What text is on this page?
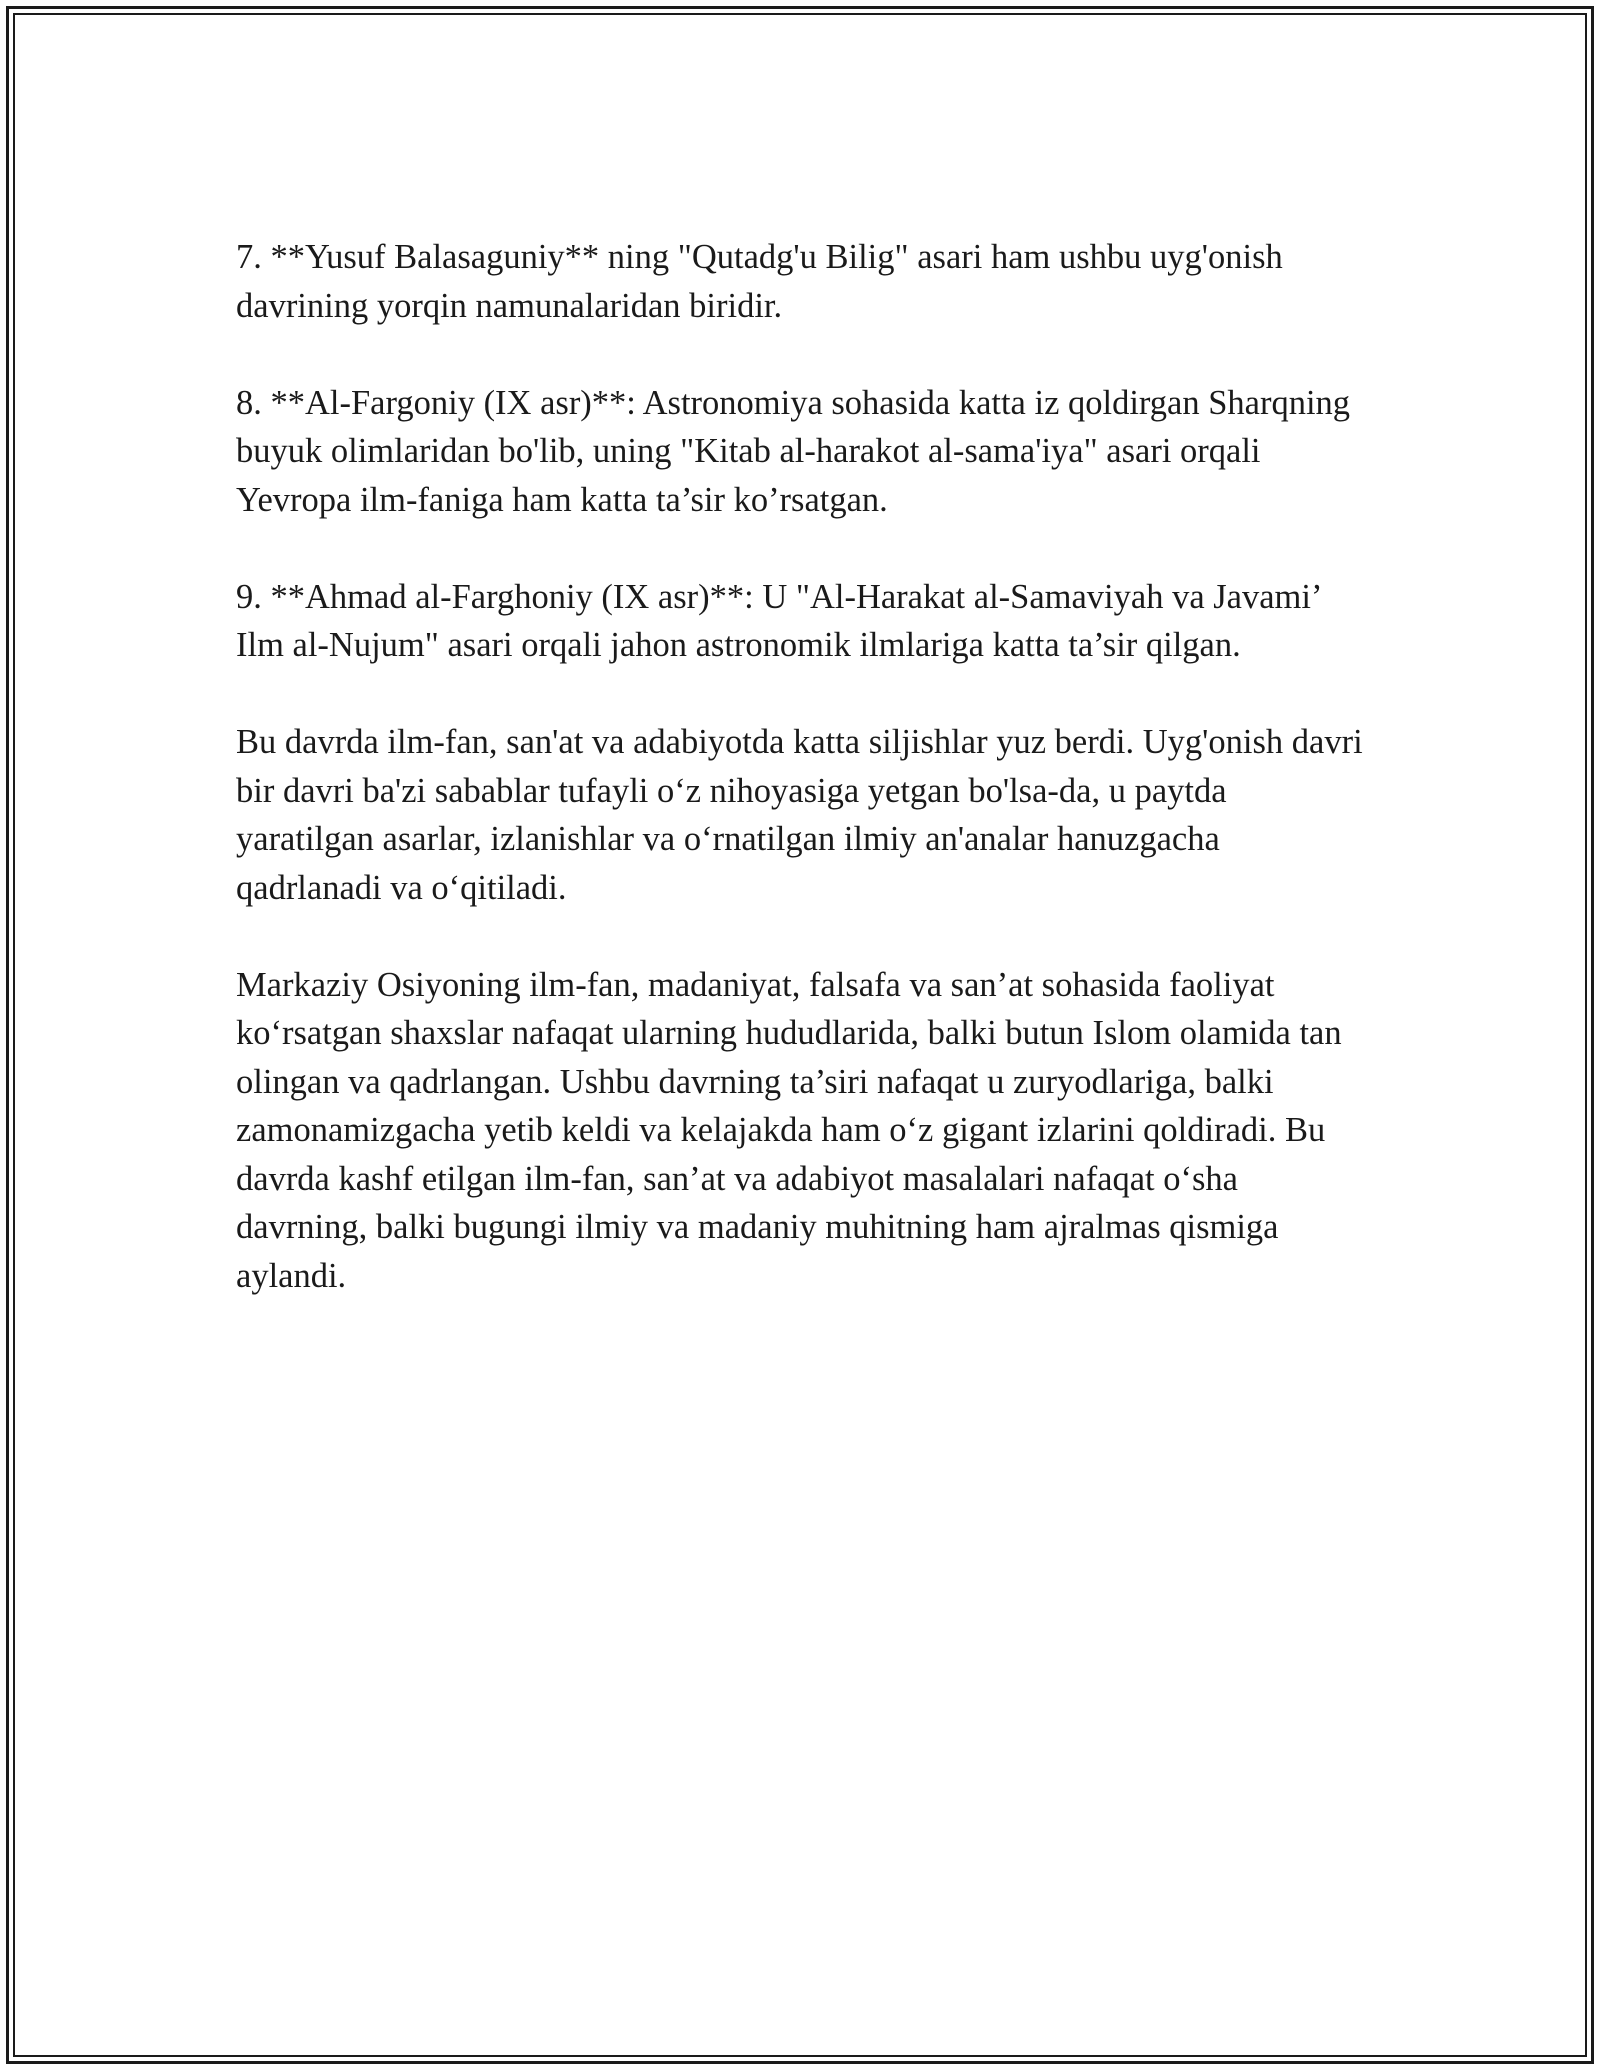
7. **Yusuf Balasaguniy** ning "Qutadg'u Bilig" asari ham ushbu uyg'onish davrining yorqin namunalaridan biridir.

8. **Al-Fargoniy (IX asr)**: Astronomiya sohasida katta iz qoldirgan Sharqning buyuk olimlaridan bo'lib, uning "Kitab al-harakot al-sama'iya" asari orqali Yevropa ilm-faniga ham katta ta’sir ko’rsatgan.

9. **Ahmad al-Farghoniy (IX asr)**: U "Al-Harakat al-Samaviyah va Javami’ Ilm al-Nujum" asari orqali jahon astronomik ilmlariga katta ta’sir qilgan.

Bu davrda ilm-fan, san'at va adabiyotda katta siljishlar yuz berdi. Uyg'onish davri bir davri ba'zi sabablar tufayli o‘z nihoyasiga yetgan bo'lsa-da, u paytda yaratilgan asarlar, izlanishlar va o‘rnatilgan ilmiy an'analar hanuzgacha qadrlanadi va o‘qitiladi.

Markaziy Osiyoning ilm-fan, madaniyat, falsafa va san’at sohasida faoliyat ko‘rsatgan shaxslar nafaqat ularning hududlarida, balki butun Islom olamida tan olingan va qadrlangan. Ushbu davrning ta’siri nafaqat u zuryodlariga, balki zamonamizgacha yetib keldi va kelajakda ham o‘z gigant izlarini qoldiradi. Bu davrda kashf etilgan ilm-fan, san’at va adabiyot masalalari nafaqat o‘sha davrning, balki bugungi ilmiy va madaniy muhitning ham ajralmas qismiga aylandi.
